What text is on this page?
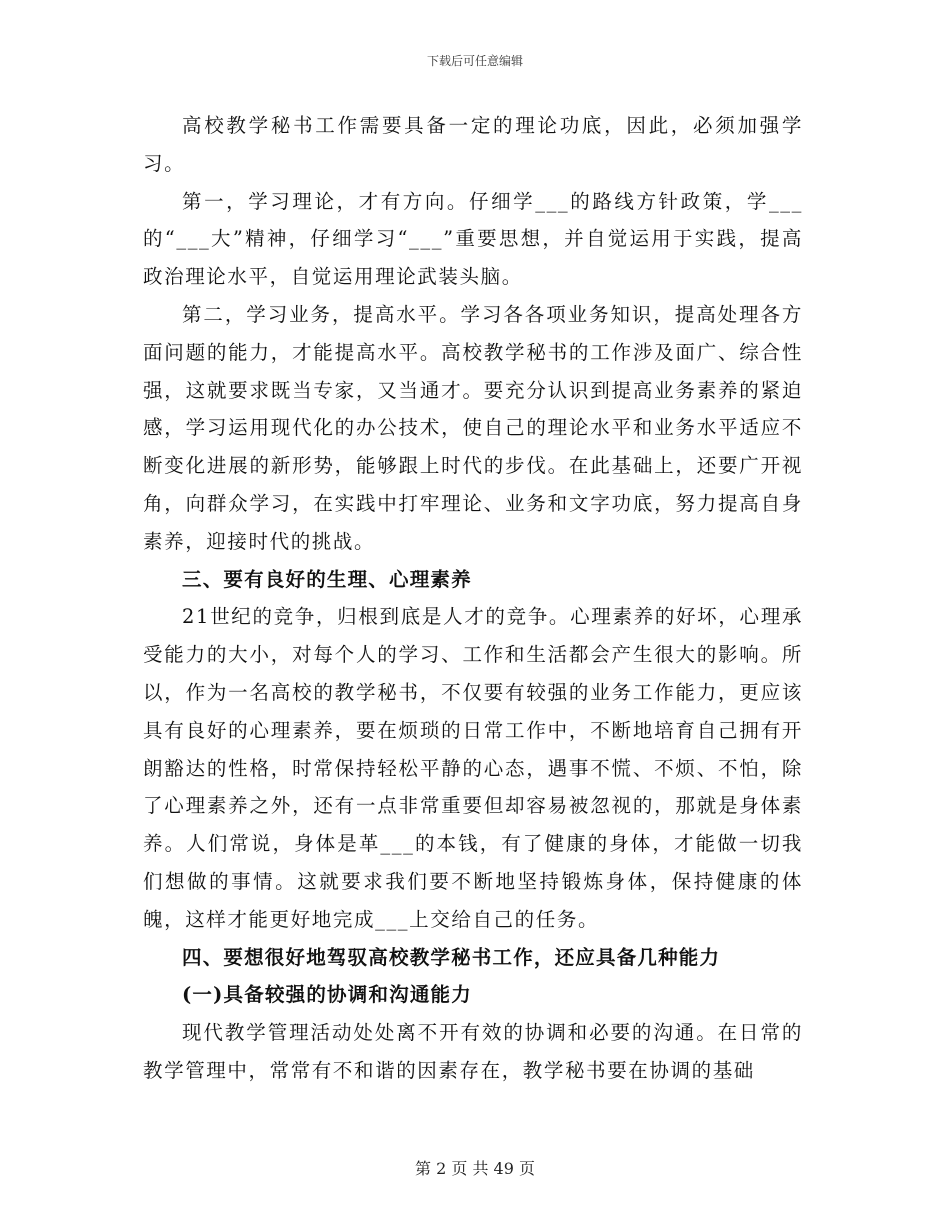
下载后可任意编辑

高校教学秘书工作需要具备一定的理论功底，因此，必须加强学习。

第一，学习理论，才有方向。仔细学___的路线方针政策，学___的“___大”精神，仔细学习“___”重要思想，并自觉运用于实践，提高政治理论水平，自觉运用理论武装头脑。

第二，学习业务，提高水平。学习各各项业务知识，提高处理各方面问题的能力，才能提高水平。高校教学秘书的工作涉及面广、综合性强，这就要求既当专家，又当通才。要充分认识到提高业务素养的紧迫感，学习运用现代化的办公技术，使自己的理论水平和业务水平适应不断变化进展的新形势，能够跟上时代的步伐。在此基础上，还要广开视角，向群众学习，在实践中打牢理论、业务和文字功底，努力提高自身素养，迎接时代的挑战。

三、要有良好的生理、心理素养

21世纪的竞争，归根到底是人才的竞争。心理素养的好坏，心理承受能力的大小，对每个人的学习、工作和生活都会产生很大的影响。所以，作为一名高校的教学秘书，不仅要有较强的业务工作能力，更应该具有良好的心理素养，要在烦琐的日常工作中，不断地培育自己拥有开朗豁达的性格，时常保持轻松平静的心态，遇事不慌、不烦、不怕，除了心理素养之外，还有一点非常重要但却容易被忽视的，那就是身体素养。人们常说，身体是革___的本钱，有了健康的身体，才能做一切我们想做的事情。这就要求我们要不断地坚持锻炼身体，保持健康的体魄，这样才能更好地完成___上交给自己的任务。

四、要想很好地驾驭高校教学秘书工作，还应具备几种能力

(一)具备较强的协调和沟通能力

现代教学管理活动处处离不开有效的协调和必要的沟通。在日常的教学管理中，常常有不和谐的因素存在，教学秘书要在协调的基础

第 2 页 共 49 页
